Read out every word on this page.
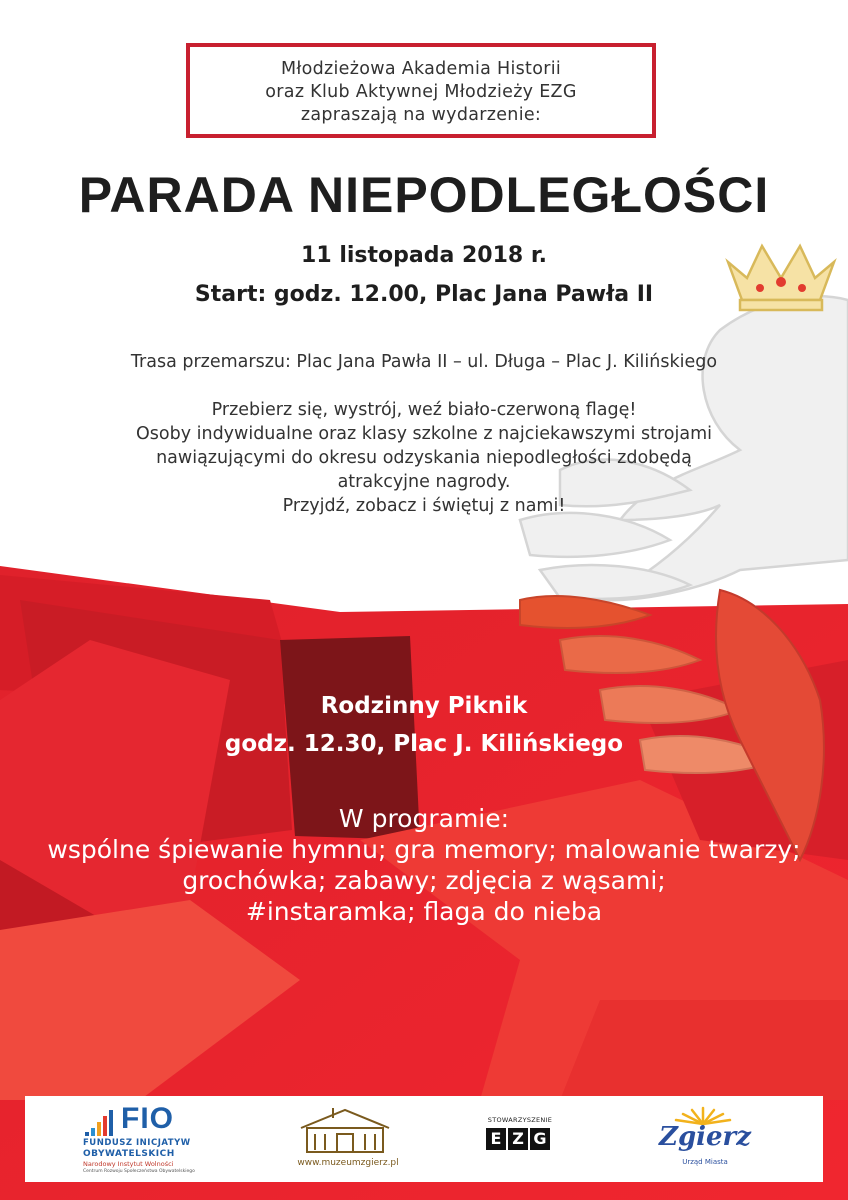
Młodzieżowa Akademia Historii
oraz Klub Aktywnej Młodzieży EZG
zapraszają na wydarzenie:
PARADA NIEPODLEGŁOŚCI
11 listopada 2018 r.
Start: godz. 12.00, Plac Jana Pawła II
Trasa przemarszu: Plac Jana Pawła II – ul. Długa – Plac J. Kilińskiego
Przebierz się, wystrój, weź biało-czerwoną flagę!
Osoby indywidualne oraz klasy szkolne z najciekawszymi strojami
nawiązującymi do okresu odzyskania niepodległości zdobędą
atrakcyjne nagrody.
Przyjdź, zobacz i świętuj z nami!
Rodzinny Piknik
godz. 12.30, Plac J. Kilińskiego
W programie:
wspólne śpiewanie hymnu; gra memory; malowanie twarzy;
grochówka; zabawy; zdjęcia z wąsami;
#instaramka; flaga do nieba
FIO
FUNDUSZ INICJATYW
OBYWATELSKICH
Narodowy Instytut Wolności
Centrum Rozwoju Społeczeństwa Obywatelskiego
www.muzeumzgierz.pl
STOWARZYSZENIE
E Z G	Zgierz
Urząd Miasta
